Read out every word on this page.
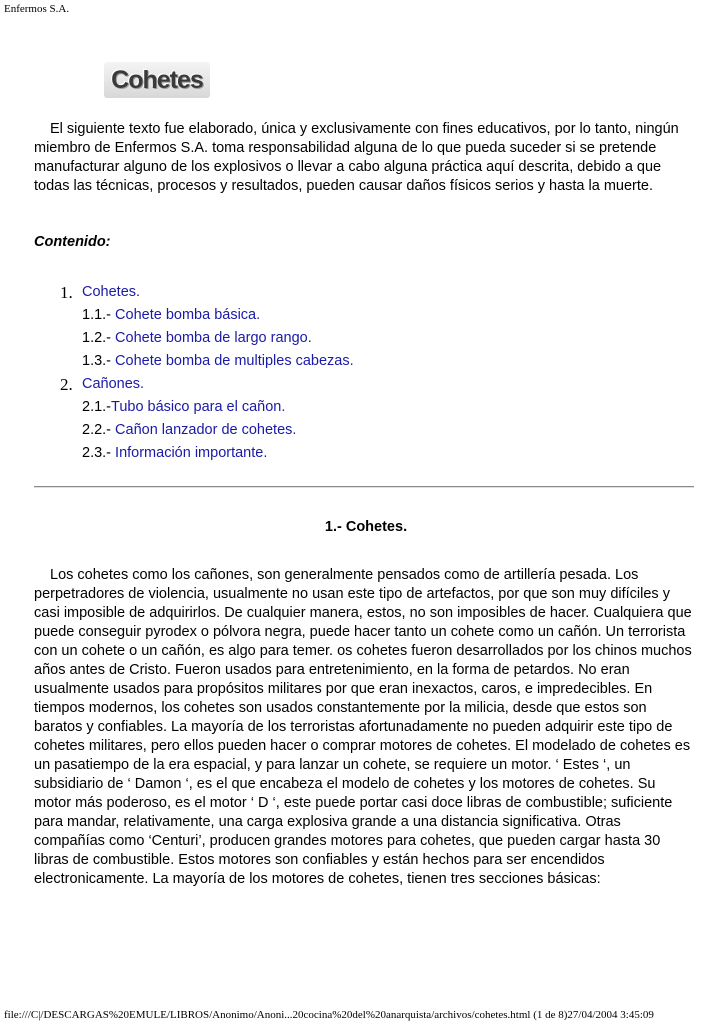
Enfermos S.A.
Cohetes

El siguiente texto fue elaborado, única y exclusivamente con fines educativos, por lo tanto, ningún miembro de Enfermos S.A. toma responsabilidad alguna de lo que pueda suceder si se pretende manufacturar alguno de los explosivos o llevar a cabo alguna práctica aquí descrita, debido a que todas las técnicas, procesos y resultados, pueden causar daños físicos serios y hasta la muerte.

Contenido:
1. Cohetes.
1.1.- Cohete bomba básica.
1.2.- Cohete bomba de largo rango.
1.3.- Cohete bomba de multiples cabezas.
2. Cañones.
2.1.- Tubo básico para el cañon.
2.2.- Cañon lanzador de cohetes.
2.3.- Información importante.
1.- Cohetes.

Los cohetes como los cañones, son generalmente pensados como de artillería pesada. Los perpetradores de violencia, usualmente no usan este tipo de artefactos, por que son muy difíciles y casi imposible de adquirirlos. De cualquier manera, estos, no son imposibles de hacer. Cualquiera que puede conseguir pyrodex o pólvora negra, puede hacer tanto un cohete como un cañón. Un terrorista con un cohete o un cañón, es algo para temer. os cohetes fueron desarrollados por los chinos muchos años antes de Cristo. Fueron usados para entretenimiento, en la forma de petardos. No eran usualmente usados para propósitos militares por que eran inexactos, caros, e impredecibles. En tiempos modernos, los cohetes son usados constantemente por la milicia, desde que estos son baratos y confiables. La mayoría de los terroristas afortunadamente no pueden adquirir este tipo de cohetes militares, pero ellos pueden hacer o comprar motores de cohetes. El modelado de cohetes es un pasatiempo de la era espacial, y para lanzar un cohete, se requiere un motor. ‘ Estes ‘, un subsidiario de ‘ Damon ‘, es el que encabeza el modelo de cohetes y los motores de cohetes. Su motor más poderoso, es el motor ‘ D ‘, este puede portar casi doce libras de combustible; suficiente para mandar, relativamente, una carga explosiva grande a una distancia significativa. Otras compañías como ‘Centuri’, producen grandes motores para cohetes, que pueden cargar hasta 30 libras de combustible. Estos motores son confiables y están hechos para ser encendidos electronicamente. La mayoría de los motores de cohetes, tienen tres secciones básicas:

file:///C|/DESCARGAS%20EMULE/LIBROS/Anonimo/Anoni...20cocina%20del%20anarquista/archivos/cohetes.html (1 de 8)27/04/2004 3:45:09
